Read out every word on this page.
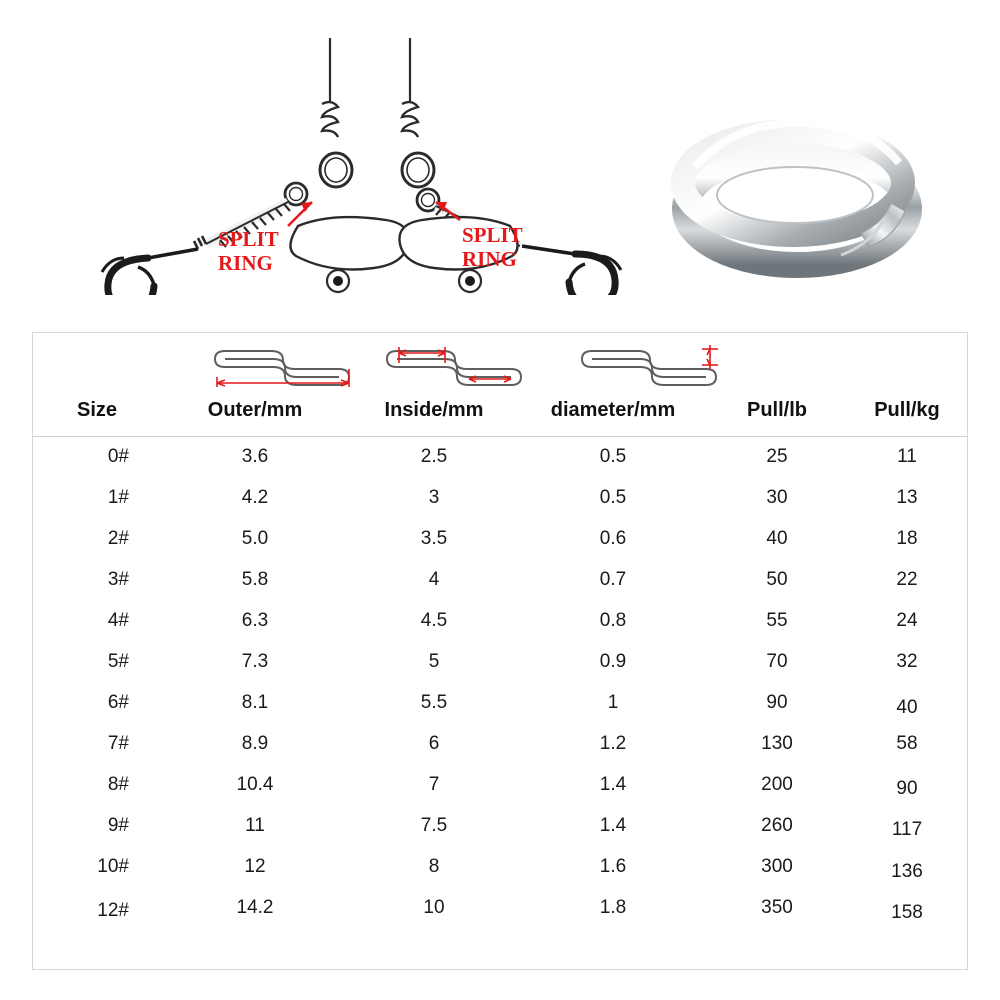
SPLIT
RING
SPLIT
RING
Size	Outer/mm	Inside/mm	diameter/mm	Pull/lb	Pull/kg
0#	3.6	2.5	0.5	25	11
1#	4.2	3	0.5	30	13
2#	5.0	3.5	0.6	40	18
3#	5.8	4	0.7	50	22
4#	6.3	4.5	0.8	55	24
5#	7.3	5	0.9	70	32
6#	8.1	5.5	1	90	40
7#	8.9	6	1.2	130	58
8#	10.4	7	1.4	200	90
9#	11	7.5	1.4	260	117
10#	12	8	1.6	300	136
12#	14.2	10	1.8	350	158
